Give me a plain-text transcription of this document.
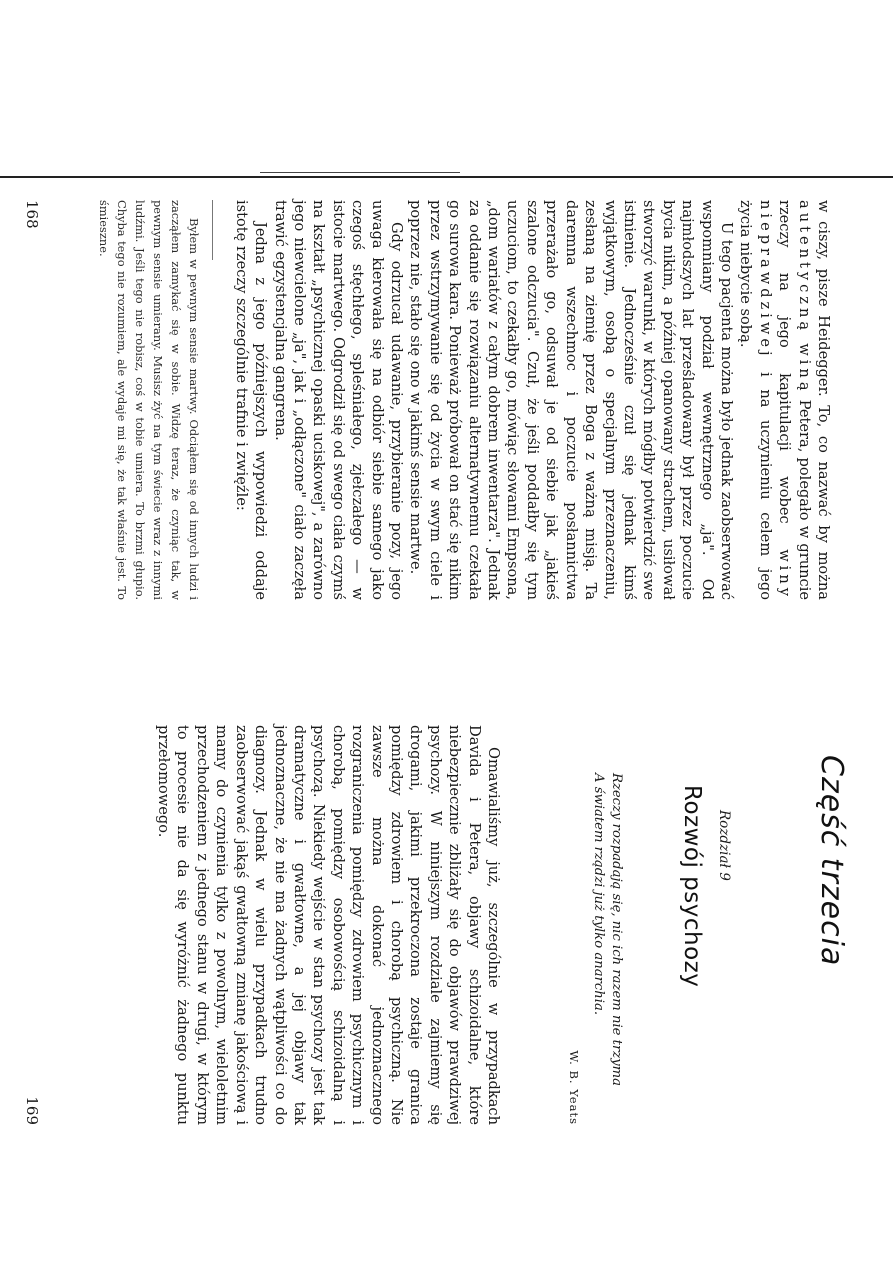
w ciszy, pisze Heidegger. To, co nazwać by można autentyczną winą Petera, polegało w gruncie rzeczy na jego kapitulacji wobec winy nieprawdziwej i na uczynieniu celem jego życia niebycie sobą.

U tego pacjenta można było jednak zaobserwować wspomniany podział wewnętrznego „ja". Od najmłodszych lat prześladowany był przez poczucie bycia nikim, a później opanowany strachem, usiłował stworzyć warunki, w których mógłby potwierdzić swe istnienie. Jednocześnie czuł się jednak kimś wyjątkowym, osobą o specjalnym przeznaczeniu, zesłaną na ziemię przez Boga z ważną misją. Ta daremna wszechmoc i poczucie posłannictwa przerażało go, odsuwał je od siebie jak „jakieś szalone odczucia". Czuł, że jeśli poddałby się tym uczuciom, to czekałby go, mówiąc słowami Empsona, „dom wariatów z całym dobrem inwentarza". Jednak za oddanie się rozwiązaniu alternatywnemu czekała go surowa kara. Ponieważ próbował on stać się nikim przez wstrzymywanie się od życia w swym ciele i poprzez nie, stało się ono w jakimś sensie martwe.

Gdy odrzucał udawanie, przybieranie pozy, jego uwaga kierowała się na odbiór siebie samego jako czegoś stęchłego, spleśniałego, zjełczałego — w istocie martwego. Odgrodził się od swego ciała czymś na kształt „psychicznej opaski uciskowej", a zarówno jego niewcielone „ja", jak i „odłączone" ciało zaczęła trawić egzystencjalna gangrena.

Jedna z jego późniejszych wypowiedzi oddaje istotę rzeczy szczególnie trafnie i zwięźle:

Byłem w pewnym sensie martwy. Odciąłem się od innych ludzi i zacząłem zamykać się w sobie. Widzę teraz, że czyniąc tak, w pewnym sensie umierany. Musisz żyć na tym świecie wraz z innymi ludźmi. Jeśli tego nie robisz, coś w tobie umiera. To brzmi głupio. Chyba tego nie rozumiem, ale wydaje mi się, że tak właśnie jest. To śmieszne.

168
Część trzecia
Rozdział 9
Rozwój psychozy

Rzeczy rozpadają się, nic ich razem nie trzyma

A światem rządzi już tylko anarchia.

W. B. Yeats

Omawialiśmy już, szczególnie w przypadkach Davida i Petera, objawy schizoidalne, które niebezpiecznie zbliżały się do objawów prawdziwej psychozy. W niniejszym rozdziale zajmiemy się drogami, jakimi przekroczona zostaje granica pomiędzy zdrowiem i chorobą psychiczną. Nie zawsze można dokonać jednoznacznego rozgraniczenia pomiędzy zdrowiem psychicznym i chorobą, pomiędzy osobowością schizoidalną i psychozą. Niekiedy wejście w stan psychozy jest tak dramatyczne i gwałtowne, a jej objawy tak jednoznaczne, że nie ma żadnych wątpliwości co do diagnozy. Jednak w wielu przypadkach trudno zaobserwować jakąś gwałtowną zmianę jakościową i mamy do czynienia tylko z powolnym, wieloletnim przechodzeniem z jednego stanu w drugi, w którym to procesie nie da się wyróżnić żadnego punktu przełomowego.

169
